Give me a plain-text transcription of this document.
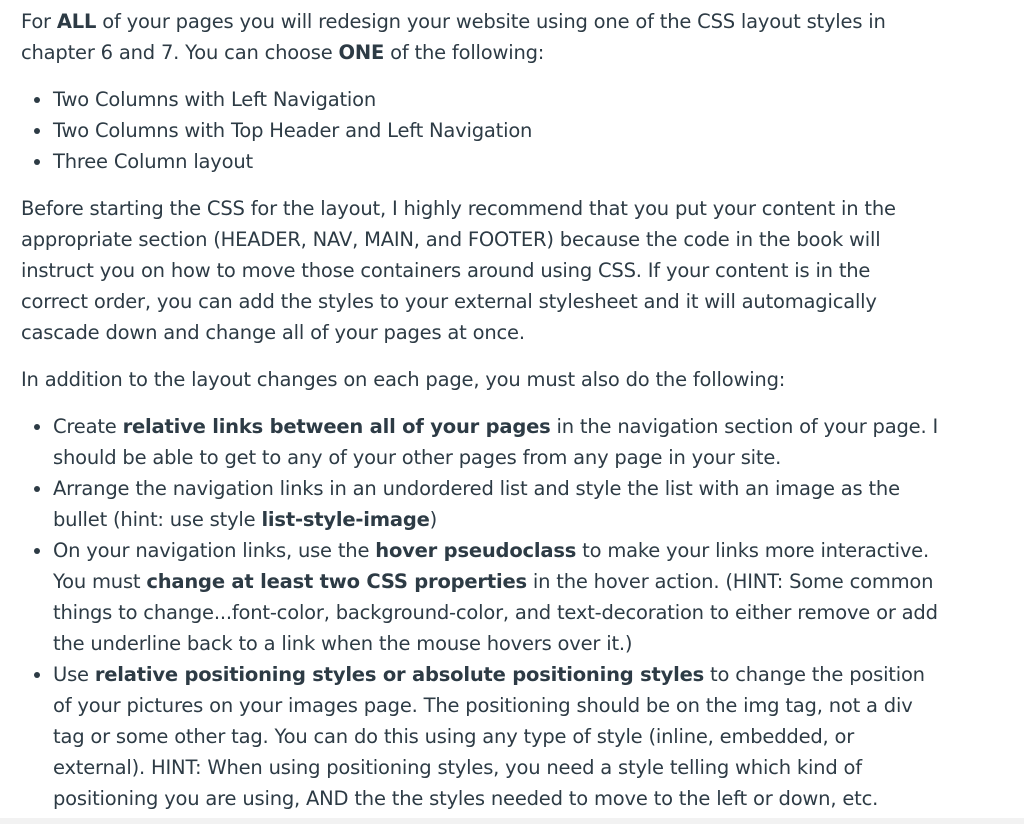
For ALL of your pages you will redesign your website using one of the CSS layout styles in chapter 6 and 7. You can choose ONE of the following:

• Two Columns with Left Navigation
• Two Columns with Top Header and Left Navigation
• Three Column layout

Before starting the CSS for the layout, I highly recommend that you put your content in the appropriate section (HEADER, NAV, MAIN, and FOOTER) because the code in the book will instruct you on how to move those containers around using CSS. If your content is in the correct order, you can add the styles to your external stylesheet and it will automagically cascade down and change all of your pages at once.

In addition to the layout changes on each page, you must also do the following:

• Create relative links between all of your pages in the navigation section of your page. I should be able to get to any of your other pages from any page in your site.
• Arrange the navigation links in an undordered list and style the list with an image as the bullet (hint: use style list-style-image)
• On your navigation links, use the hover pseudoclass to make your links more interactive. You must change at least two CSS properties in the hover action. (HINT: Some common things to change...font-color, background-color, and text-decoration to either remove or add the underline back to a link when the mouse hovers over it.)
• Use relative positioning styles or absolute positioning styles to change the position of your pictures on your images page. The positioning should be on the img tag, not a div tag or some other tag. You can do this using any type of style (inline, embedded, or external). HINT: When using positioning styles, you need a style telling which kind of positioning you are using, AND the the styles needed to move to the left or down, etc.
